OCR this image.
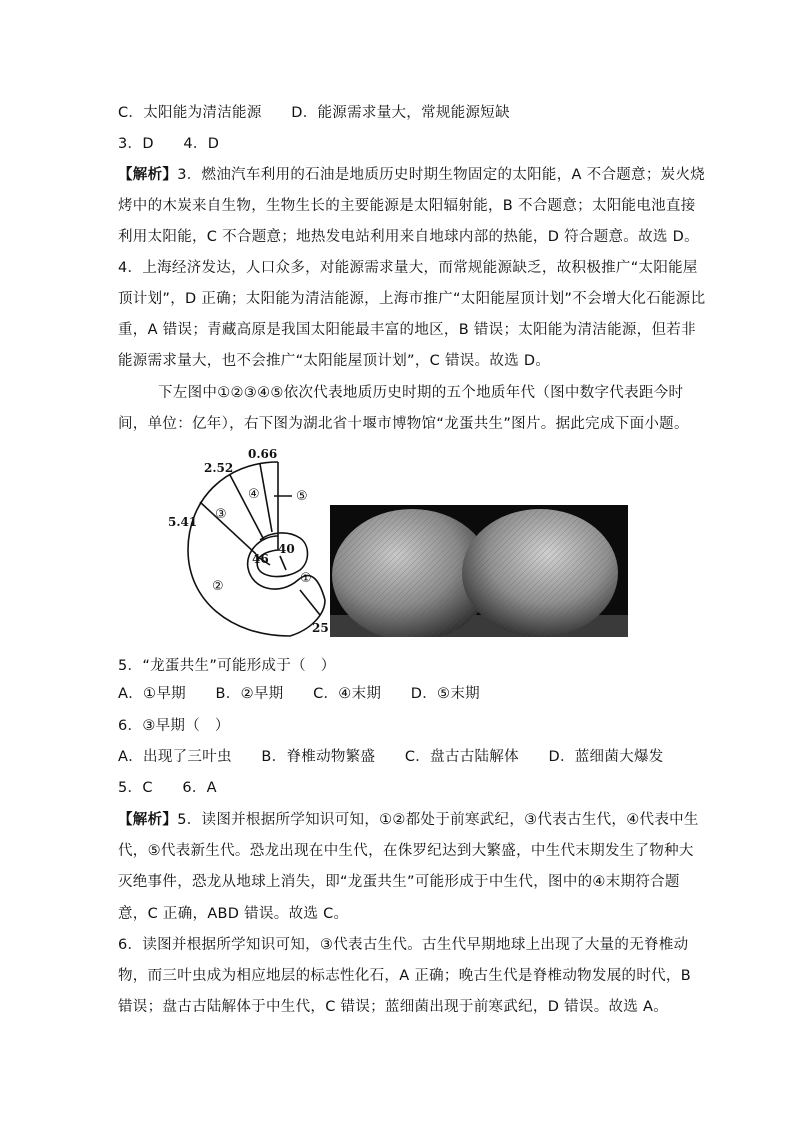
C．太阳能为清洁能源　　D．能源需求量大，常规能源短缺
3．D　　4．D
【解析】3．燃油汽车利用的石油是地质历史时期生物固定的太阳能，A 不合题意；炭火烧
烤中的木炭来自生物，生物生长的主要能源是太阳辐射能，B 不合题意；太阳能电池直接
利用太阳能，C 不合题意；地热发电站利用来自地球内部的热能，D 符合题意。故选 D。
4．上海经济发达，人口众多，对能源需求量大，而常规能源缺乏，故积极推广“太阳能屋
顶计划”，D 正确；太阳能为清洁能源，上海市推广“太阳能屋顶计划”不会增大化石能源比
重，A 错误；青藏高原是我国太阳能最丰富的地区，B 错误；太阳能为清洁能源，但若非
能源需求量大，也不会推广“太阳能屋顶计划”，C 错误。故选 D。
下左图中①②③④⑤依次代表地质历史时期的五个地质年代（图中数字代表距今时
间，单位：亿年），右下图为湖北省十堰市博物馆“龙蛋共生”图片。据此完成下面小题。
0.66
2.52
5.41
46
40
25
①
②
③
④	⑤
5．“龙蛋共生”可能形成于（　）
A．①早期　　B．②早期　　C．④末期　　D．⑤末期
6．③早期（　）
A．出现了三叶虫　　B．脊椎动物繁盛　　C．盘古古陆解体　　D．蓝细菌大爆发
5．C　　6．A
【解析】5．读图并根据所学知识可知，①②都处于前寒武纪，③代表古生代，④代表中生
代，⑤代表新生代。恐龙出现在中生代，在侏罗纪达到大繁盛，中生代末期发生了物种大
灭绝事件，恐龙从地球上消失，即“龙蛋共生”可能形成于中生代，图中的④末期符合题
意，C 正确，ABD 错误。故选 C。
6．读图并根据所学知识可知，③代表古生代。古生代早期地球上出现了大量的无脊椎动
物，而三叶虫成为相应地层的标志性化石，A 正确；晚古生代是脊椎动物发展的时代，B
错误；盘古古陆解体于中生代，C 错误；蓝细菌出现于前寒武纪，D 错误。故选 A。
